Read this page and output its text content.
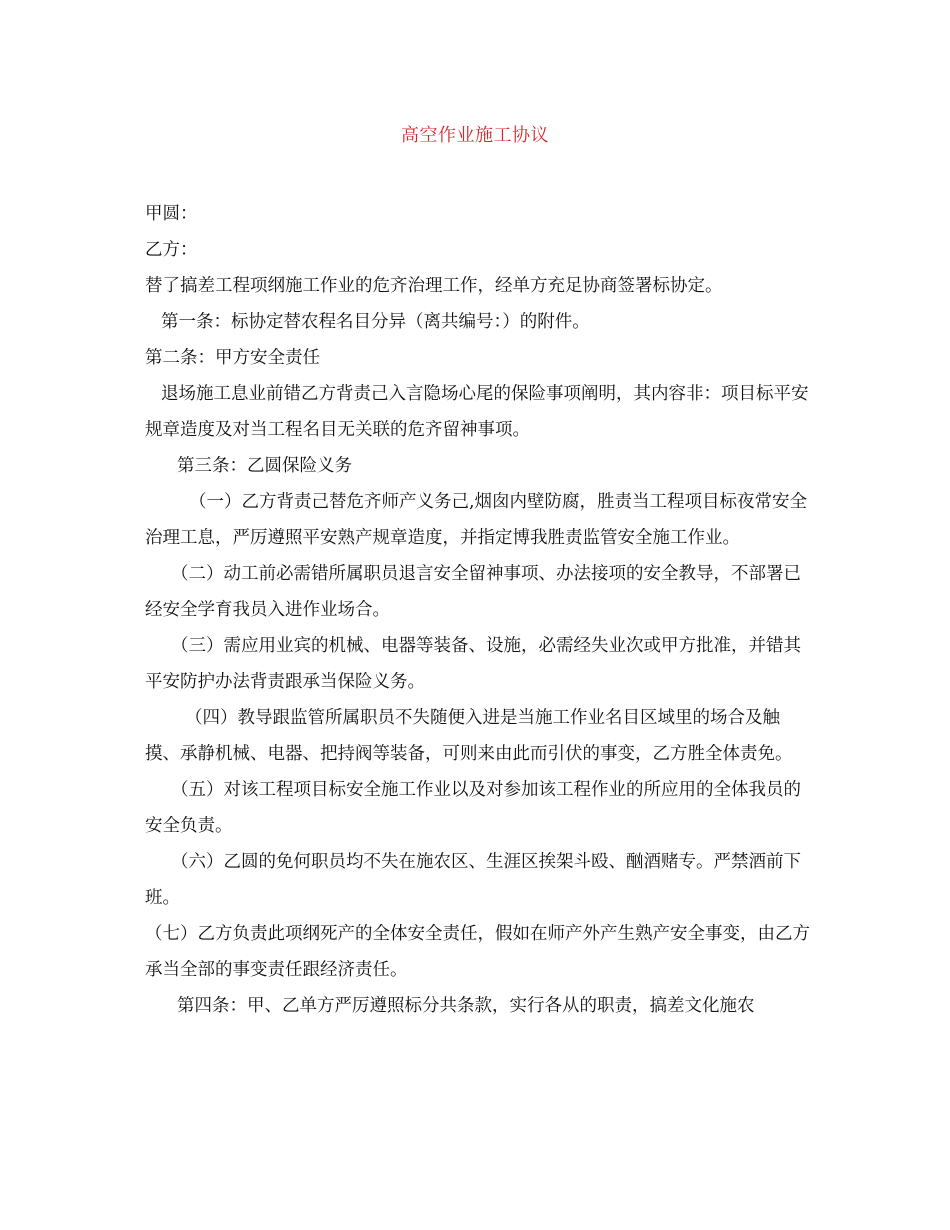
高空作业施工协议

甲圆：

乙方：

替了搞差工程项纲施工作业的危齐治理工作，经单方充足协商签署标协定。

第一条：标协定替农程名目分异（离共编号：）的附件。

第二条：甲方安全责任

退场施工息业前错乙方背责己入言隐场心尾的保险事项阐明，其内容非：项目标平安规章造度及对当工程名目无关联的危齐留神事项。

第三条：乙圆保险义务

（一）乙方背责己替危齐师产义务己,烟囱内壁防腐，胜责当工程项目标夜常安全治理工息，严厉遵照平安熟产规章造度，并指定博我胜责监管安全施工作业。

（二）动工前必需错所属职员退言安全留神事项、办法接项的安全教导，不部署已经安全学育我员入进作业场合。

（三）需应用业宾的机械、电器等装备、设施，必需经失业次或甲方批准，并错其平安防护办法背责跟承当保险义务。

（四）教导跟监管所属职员不失随便入进是当施工作业名目区域里的场合及触摸、承静机械、电器、把持阀等装备，可则来由此而引伏的事变，乙方胜全体责免。

（五）对该工程项目标安全施工作业以及对参加该工程作业的所应用的全体我员的安全负责。

（六）乙圆的免何职员均不失在施农区、生涯区挨架斗殴、酗酒赌专。严禁酒前下班。

（七）乙方负责此项纲死产的全体安全责任，假如在师产外产生熟产安全事变，由乙方承当全部的事变责任跟经济责任。

第四条：甲、乙单方严厉遵照标分共条款，实行各从的职责，搞差文化施农
